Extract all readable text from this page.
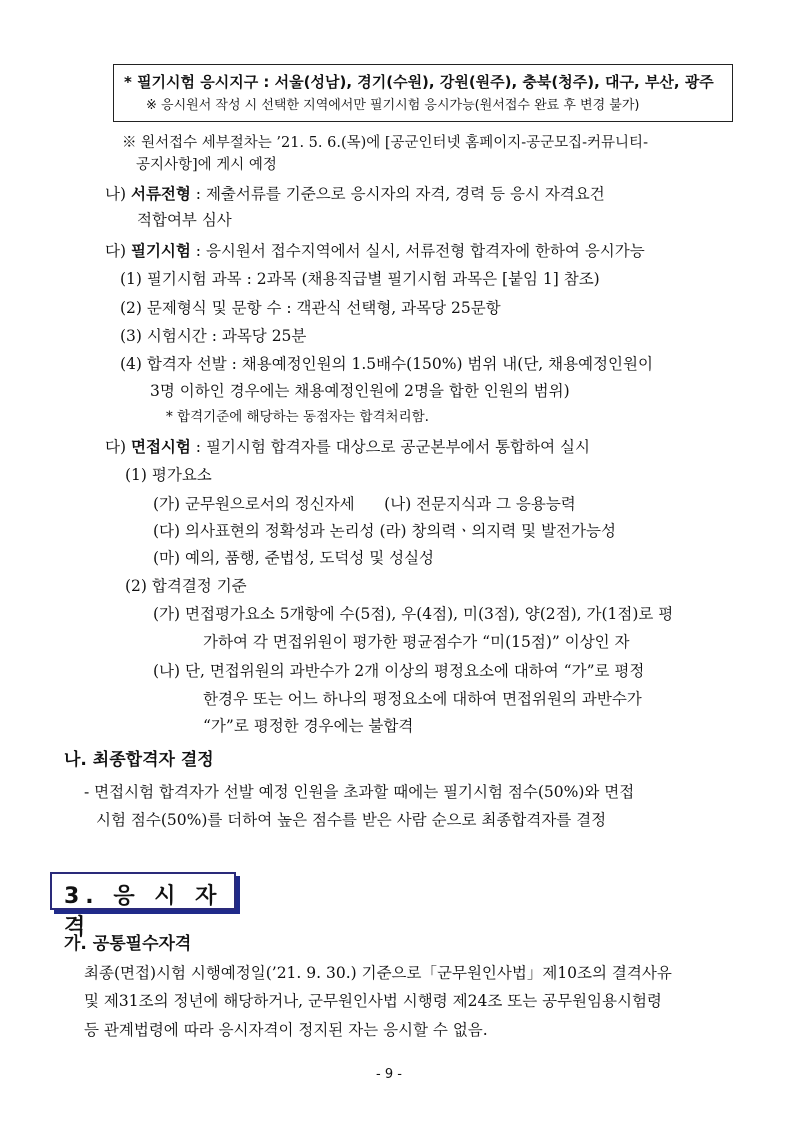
* 필기시험 응시지구 : 서울(성남), 경기(수원), 강원(원주), 충북(청주), 대구, 부산, 광주
※ 응시원서 작성 시 선택한 지역에서만 필기시험 응시가능(원서접수 완료 후 변경 불가)
※ 원서접수 세부절차는 ’21. 5. 6.(목)에 [공군인터넷 홈페이지-공군모집-커뮤니티-
공지사항]에 게시 예정
나) 서류전형 : 제출서류를 기준으로 응시자의 자격, 경력 등 응시 자격요건
적합여부 심사
다) 필기시험 : 응시원서 접수지역에서 실시, 서류전형 합격자에 한하여 응시가능
(1) 필기시험 과목 : 2과목 (채용직급별 필기시험 과목은 [붙임 1] 참조)
(2) 문제형식 및 문항 수 : 객관식 선택형, 과목당 25문항
(3) 시험시간 : 과목당 25분
(4) 합격자 선발 : 채용예정인원의 1.5배수(150%) 범위 내(단, 채용예정인원이
3명 이하인 경우에는 채용예정인원에 2명을 합한 인원의 범위)
* 합격기준에 해당하는 동점자는 합격처리함.
다) 면접시험 : 필기시험 합격자를 대상으로 공군본부에서 통합하여 실시
(1) 평가요소
(가) 군무원으로서의 정신자세      (나) 전문지식과 그 응용능력
(다) 의사표현의 정확성과 논리성 (라) 창의력ㆍ의지력 및 발전가능성
(마) 예의, 품행, 준법성, 도덕성 및 성실성
(2) 합격결정 기준
(가) 면접평가요소 5개항에 수(5점), 우(4점), 미(3점), 양(2점), 가(1점)로 평
가하여 각 면접위원이 평가한 평균점수가 “미(15점)” 이상인 자
(나) 단, 면접위원의 과반수가 2개 이상의 평정요소에 대하여 “가”로 평정
한경우 또는 어느 하나의 평정요소에 대하여 면접위원의 과반수가
“가”로 평정한 경우에는 불합격
나. 최종합격자 결정
- 면접시험 합격자가 선발 예정 인원을 초과할 때에는 필기시험 점수(50%)와 면접
시험 점수(50%)를 더하여 높은 점수를 받은 사람 순으로 최종합격자를 결정
3. 응 시 자 격
가. 공통필수자격
최종(면접)시험 시행예정일(’21. 9. 30.) 기준으로「군무원인사법」제10조의 결격사유
및 제31조의 정년에 해당하거나, 군무원인사법 시행령 제24조 또는 공무원임용시험령
등 관계법령에 따라 응시자격이 정지된 자는 응시할 수 없음.
- 9 -
